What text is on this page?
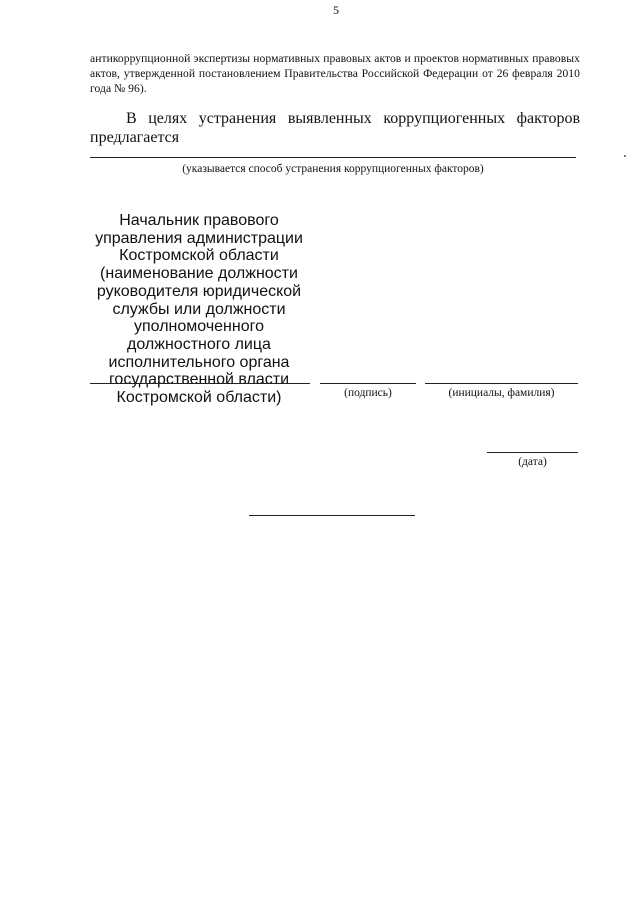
5
антикоррупционной экспертизы нормативных правовых актов и проектов нормативных правовых актов, утвержденной постановлением Правительства Российской Федерации от 26 февраля 2010 года № 96).
В целях устранения выявленных коррупциогенных факторов
предлагается
(указывается способ устранения коррупциогенных факторов)
Начальник правового управления администрации Костромской области (наименование должности руководителя юридической службы или должности уполномоченного должностного лица исполнительного органа государственной власти Костромской области)	(подпись)	(инициалы, фамилия)
(дата)
